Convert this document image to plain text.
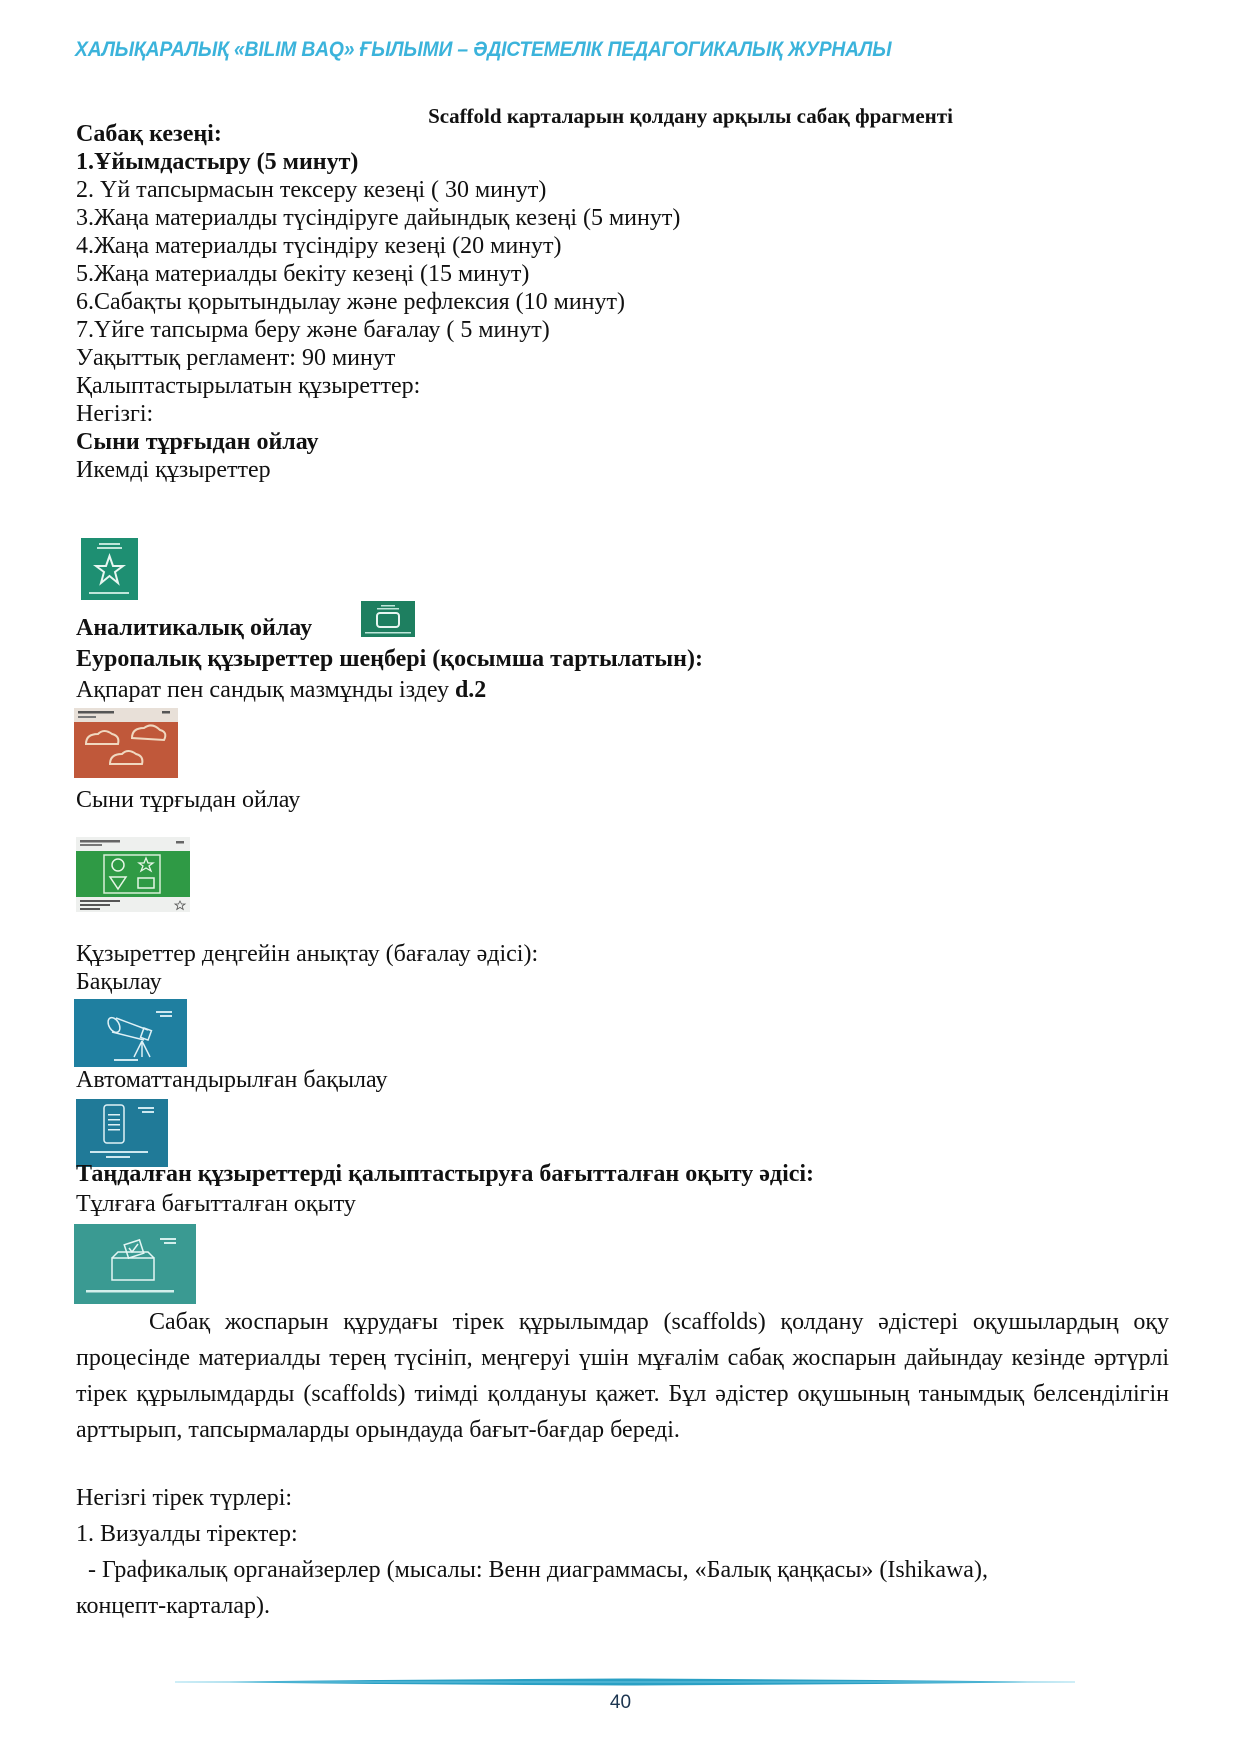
ХАЛЫҚАРАЛЫҚ «BILIM BAQ» ҒЫЛЫМИ – ӘДІСТЕМЕЛІК ПЕДАГОГИКАЛЫҚ ЖУРНАЛЫ
Scaffold карталарын қолдану арқылы сабақ фрагменті
Сабақ кезеңі:
1.Ұйымдастыру (5 минут)
2. Үй тапсырмасын тексеру кезеңі ( 30 минут)
3.Жаңа материалды түсіндіруге дайындық кезеңі (5 минут)
4.Жаңа материалды түсіндіру кезеңі (20 минут)
5.Жаңа материалды бекіту кезеңі (15 минут)
6.Сабақты қорытындылау және рефлексия (10 минут)
7.Үйге тапсырма беру және бағалау ( 5 минут)
Уақыттық регламент: 90 минут
Қалыптастырылатын құзыреттер:
Негізгі:
Сыни тұрғыдан ойлау
Икемді құзыреттер
Аналитикалық ойлау
Еуропалық құзыреттер шеңбері (қосымша тартылатын):
Ақпарат пен сандық мазмұнды іздеу d.2
Сыни тұрғыдан ойлау
Құзыреттер деңгейін анықтау (бағалау әдісі):
Бақылау
Автоматтандырылған бақылау
Таңдалған құзыреттерді қалыптастыруға бағытталған оқыту әдісі:
Тұлғаға бағытталған оқыту
Сабақ жоспарын құрудағы тірек құрылымдар (scaffolds) қолдану әдістері оқушылардың оқу процесінде материалды терең түсініп, меңгеруі үшін мұғалім сабақ жоспарын дайындау кезінде әртүрлі тірек құрылымдарды (scaffolds) тиімді қолдануы қажет. Бұл әдістер оқушының танымдық белсенділігін арттырып, тапсырмаларды орындауда бағыт-бағдар береді.
Негізгі тірек түрлері:
1. Визуалды тіректер:
- Графикалық органайзерлер (мысалы: Венн диаграммасы, «Балық қаңқасы» (Ishikawa),
концепт-карталар).
40
